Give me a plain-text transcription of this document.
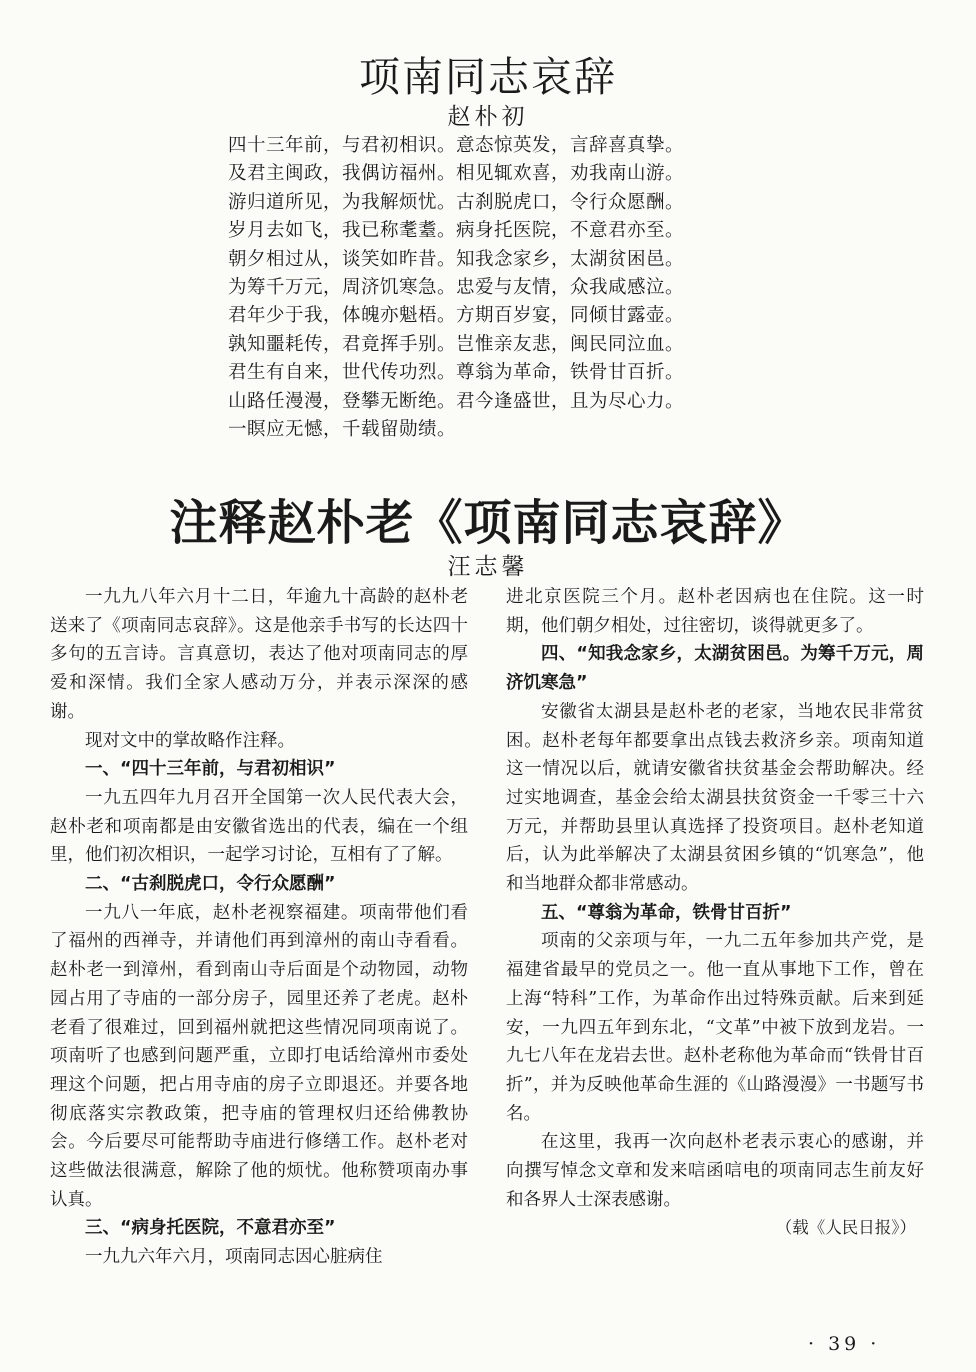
项南同志哀辞
赵朴初
四十三年前，与君初相识。意态惊英发，言辞喜真挚。
及君主闽政，我偶访福州。相见辄欢喜，劝我南山游。
游归道所见，为我解烦忧。古刹脱虎口，令行众愿酬。
岁月去如飞，我已称耄耋。病身托医院，不意君亦至。
朝夕相过从，谈笑如昨昔。知我念家乡，太湖贫困邑。
为筹千万元，周济饥寒急。忠爱与友情，众我咸感泣。
君年少于我，体魄亦魁梧。方期百岁宴，同倾甘露壶。
孰知噩耗传，君竟挥手别。岂惟亲友悲，闽民同泣血。
君生有自来，世代传功烈。尊翁为革命，铁骨甘百折。
山路任漫漫，登攀无断绝。君今逢盛世，且为尽心力。
一瞑应无憾，千载留勋绩。
注释赵朴老《项南同志哀辞》
汪志馨

一九九八年六月十二日，年逾九十高龄的赵朴老送来了《项南同志哀辞》。这是他亲手书写的长达四十多句的五言诗。言真意切，表达了他对项南同志的厚爱和深情。我们全家人感动万分，并表示深深的感谢。

现对文中的掌故略作注释。

一、“四十三年前，与君初相识”

一九五四年九月召开全国第一次人民代表大会，赵朴老和项南都是由安徽省选出的代表，编在一个组里，他们初次相识，一起学习讨论，互相有了了解。

二、“古刹脱虎口，令行众愿酬”

一九八一年底，赵朴老视察福建。项南带他们看了福州的西禅寺，并请他们再到漳州的南山寺看看。赵朴老一到漳州，看到南山寺后面是个动物园，动物园占用了寺庙的一部分房子，园里还养了老虎。赵朴老看了很难过，回到福州就把这些情况同项南说了。项南听了也感到问题严重，立即打电话给漳州市委处理这个问题，把占用寺庙的房子立即退还。并要各地彻底落实宗教政策，把寺庙的管理权归还给佛教协会。今后要尽可能帮助寺庙进行修缮工作。赵朴老对这些做法很满意，解除了他的烦忧。他称赞项南办事认真。

三、“病身托医院，不意君亦至”

一九九六年六月，项南同志因心脏病住

进北京医院三个月。赵朴老因病也在住院。这一时期，他们朝夕相处，过往密切，谈得就更多了。

四、“知我念家乡，太湖贫困邑。为筹千万元，周济饥寒急”

安徽省太湖县是赵朴老的老家，当地农民非常贫困。赵朴老每年都要拿出点钱去救济乡亲。项南知道这一情况以后，就请安徽省扶贫基金会帮助解决。经过实地调查，基金会给太湖县扶贫资金一千零三十六万元，并帮助县里认真选择了投资项目。赵朴老知道后，认为此举解决了太湖县贫困乡镇的“饥寒急”，他和当地群众都非常感动。

五、“尊翁为革命，铁骨甘百折”

项南的父亲项与年，一九二五年参加共产党，是福建省最早的党员之一。他一直从事地下工作，曾在上海“特科”工作，为革命作出过特殊贡献。后来到延安，一九四五年到东北，“文革”中被下放到龙岩。一九七八年在龙岩去世。赵朴老称他为革命而“铁骨甘百折”，并为反映他革命生涯的《山路漫漫》一书题写书名。

在这里，我再一次向赵朴老表示衷心的感谢，并向撰写悼念文章和发来唁函唁电的项南同志生前友好和各界人士深表感谢。

（载《人民日报》）

· 39 ·
